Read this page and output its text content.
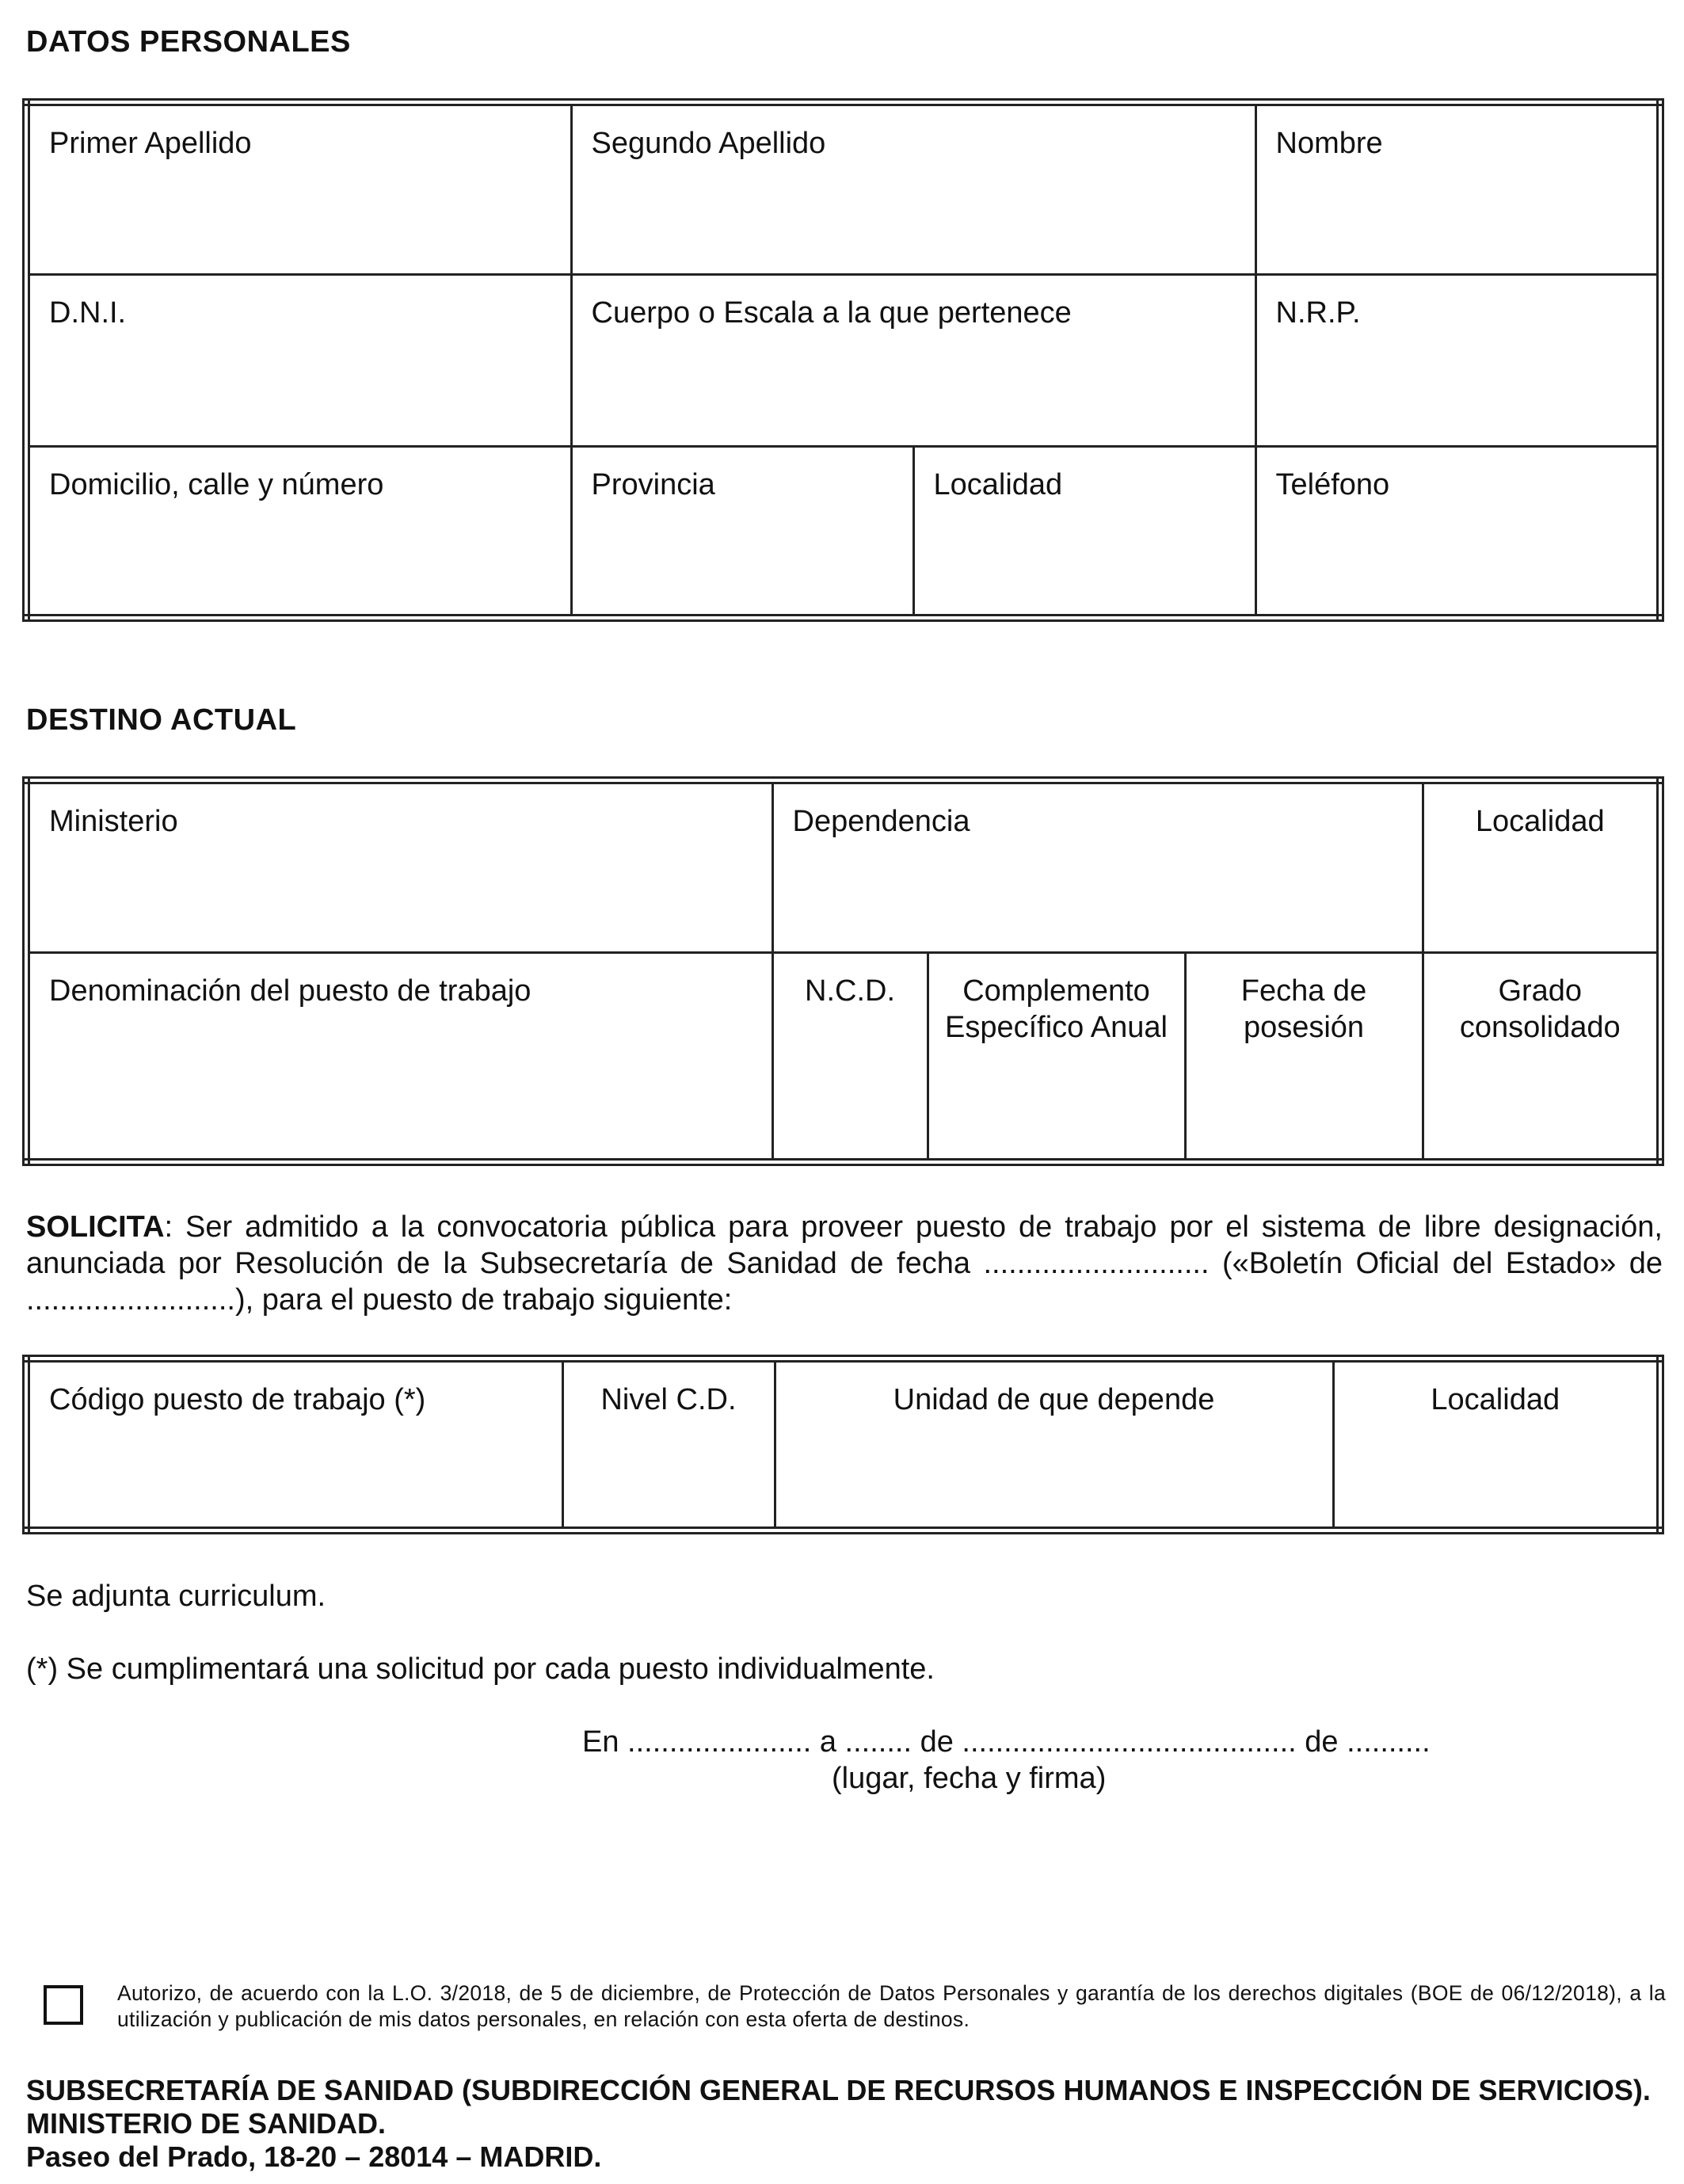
DATOS PERSONALES
Primer Apellido	Segundo Apellido		Nombre
D.N.I.	Cuerpo o Escala a la que pertenece		N.R.P.
Domicilio, calle y número	Provincia	Localidad	Teléfono
DESTINO ACTUAL
Ministerio	Dependencia			Localidad
Denominación del puesto de trabajo	N.C.D.	Complemento Específico Anual	Fecha de posesión	Grado consolidado
SOLICITA: Ser admitido a la convocatoria pública para proveer puesto de trabajo por el sistema de libre designación, anunciada por Resolución de la Subsecretaría de Sanidad de fecha ........................... («Boletín Oficial del Estado» de .........................), para el puesto de trabajo siguiente:
Código puesto de trabajo (*)	Nivel C.D.	Unidad de que depende	Localidad
Se adjunta curriculum.
(*) Se cumplimentará una solicitud por cada puesto individualmente.
En ...................... a ........ de ........................................ de ..........
(lugar, fecha y firma)
Autorizo, de acuerdo con la L.O. 3/2018, de 5 de diciembre, de Protección de Datos Personales y garantía de los derechos digitales (BOE de 06/12/2018), a la utilización y publicación de mis datos personales, en relación con esta oferta de destinos.
SUBSECRETARÍA DE SANIDAD (SUBDIRECCIÓN GENERAL DE RECURSOS HUMANOS E INSPECCIÓN DE SERVICIOS).
MINISTERIO DE SANIDAD.
Paseo del Prado, 18-20 – 28014 – MADRID.
